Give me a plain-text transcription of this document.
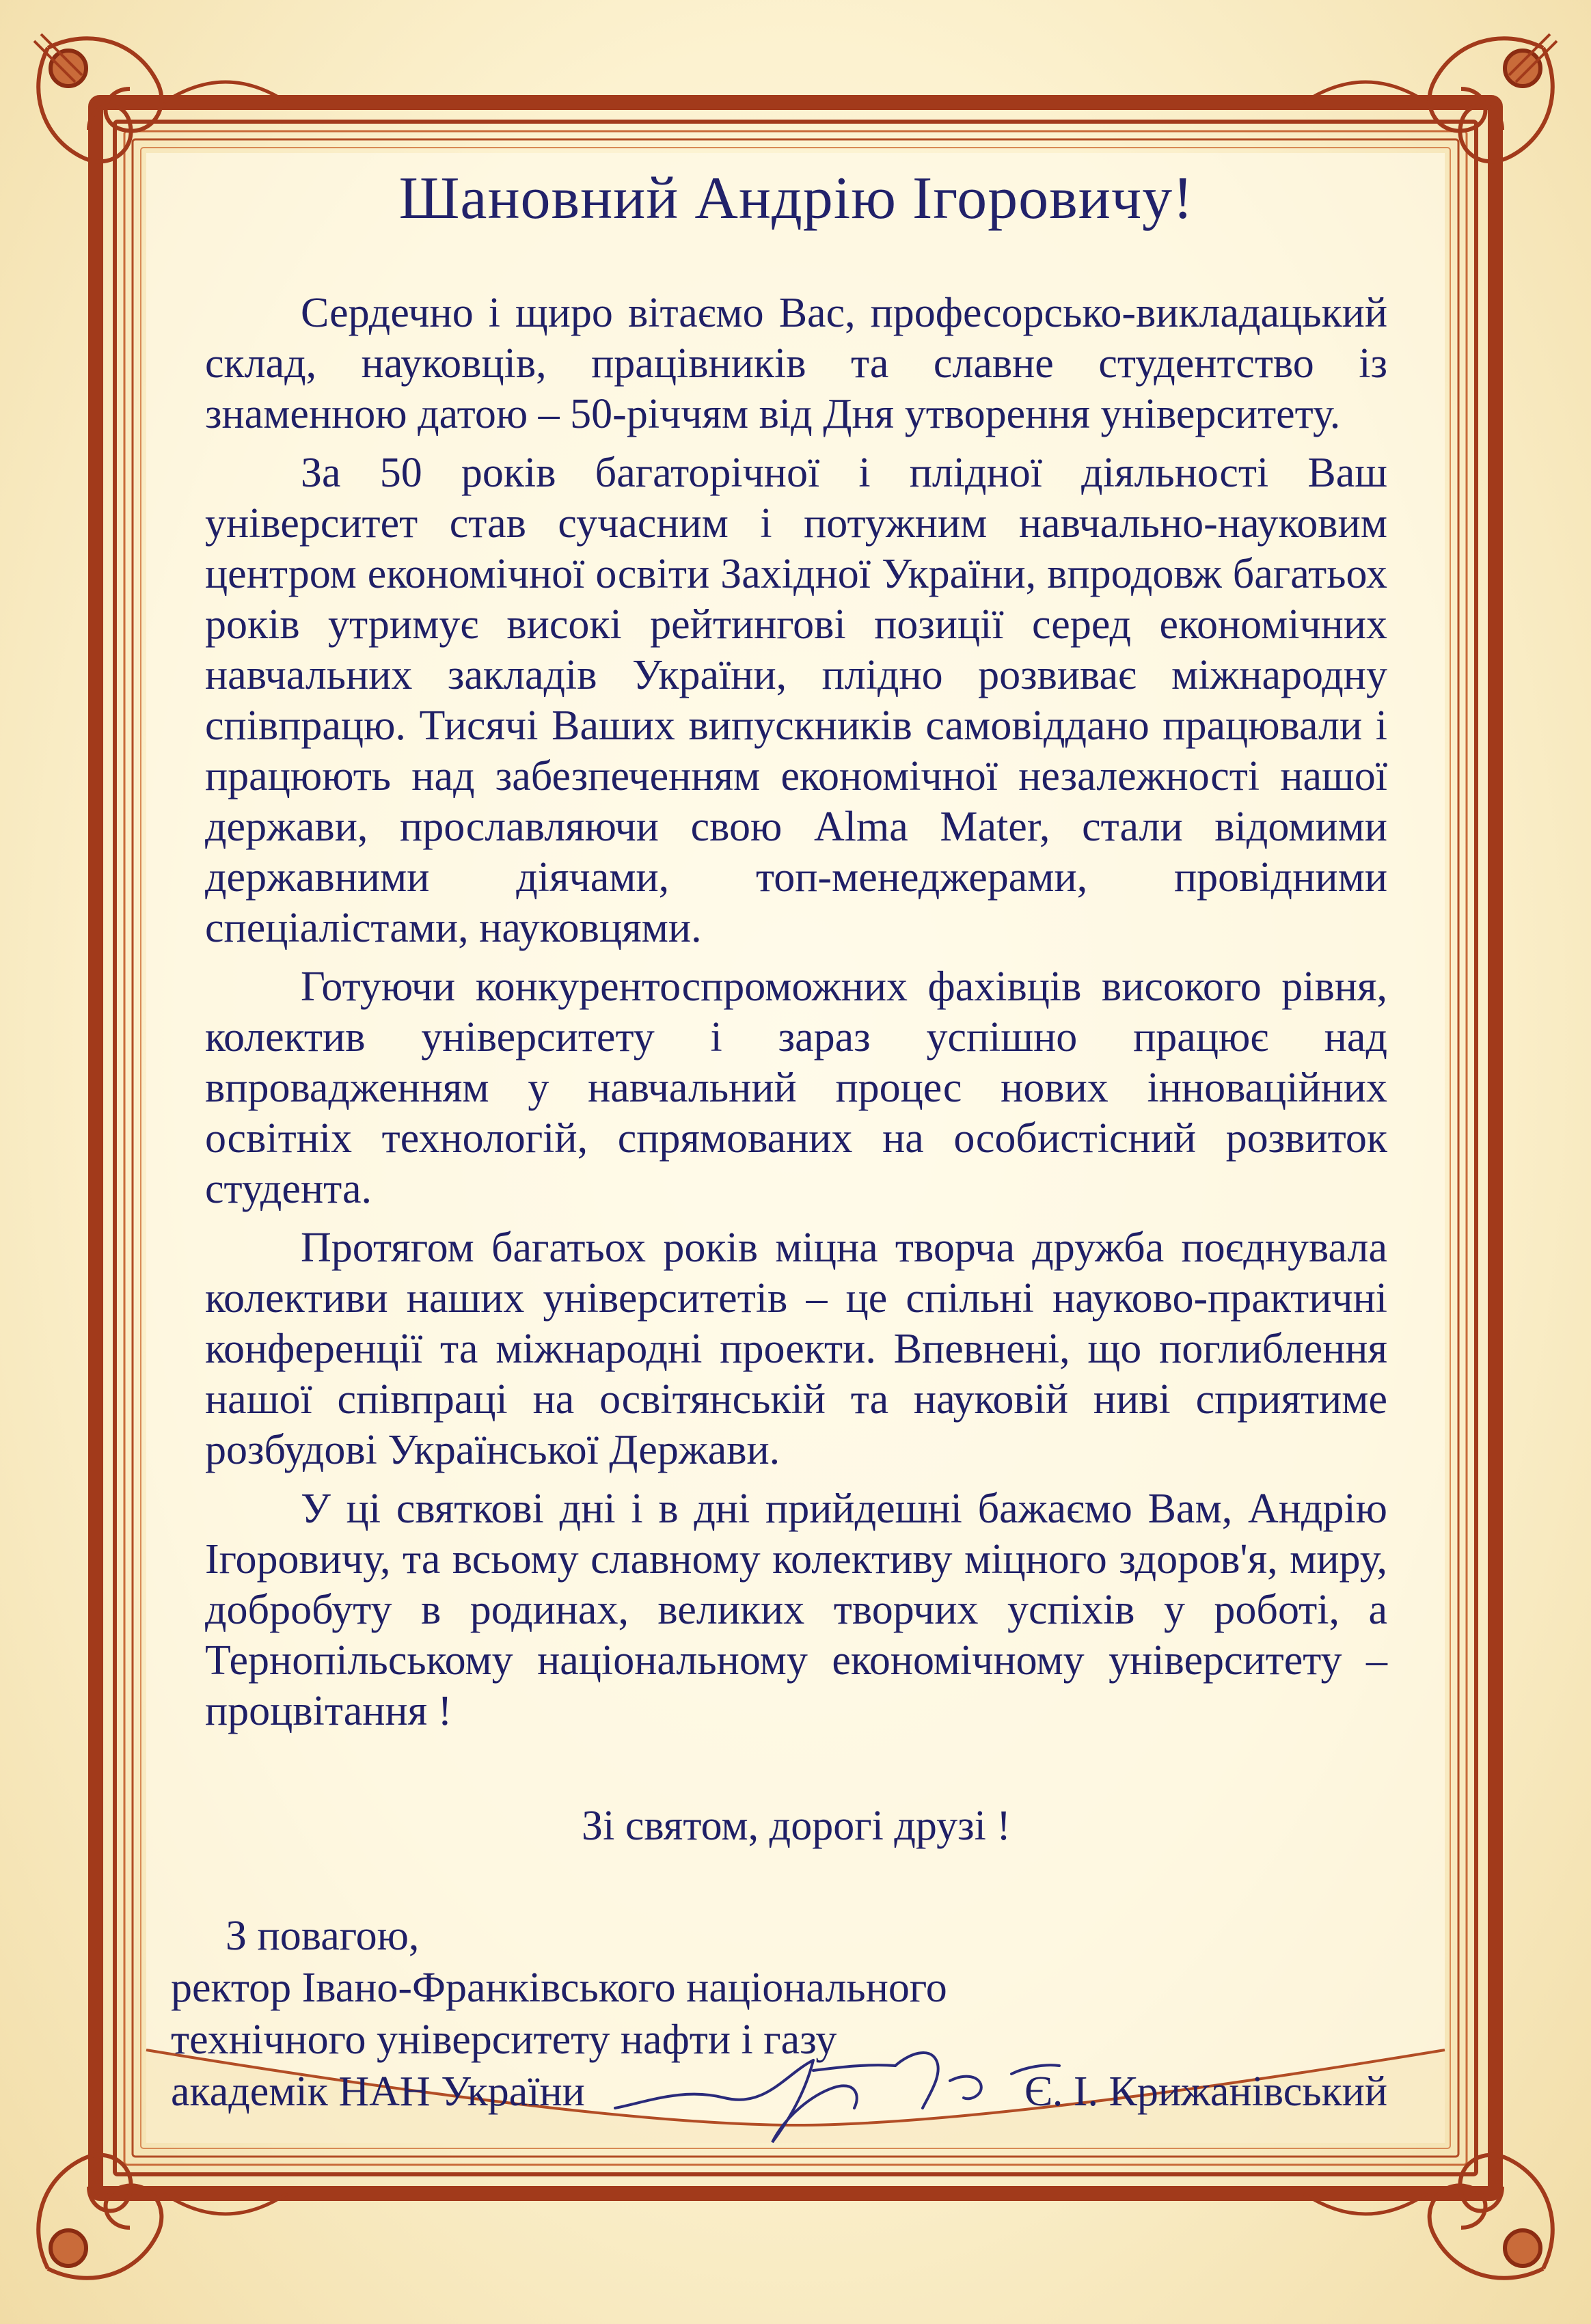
Шановний Андрію Ігоровичу!

Сердечно і щиро вітаємо Вас, професорсько-викладацький склад, науковців, працівників та славне студентство із знаменною датою – 50-річчям від Дня утворення університету.

За 50 років багаторічної і плідної діяльності Ваш університет став сучасним і потужним навчально-науковим центром економічної освіти Західної України, впродовж багатьох років утримує високі рейтингові позиції серед економічних навчальних закладів України, плідно розвиває міжнародну співпрацю. Тисячі Ваших випускників самовіддано працювали і працюють над забезпеченням економічної незалежності нашої держави, прославляючи свою Alma Mater, стали відомими державними діячами, топ-менеджерами, провідними спеціалістами, науковцями.

Готуючи конкурентоспроможних фахівців високого рівня, колектив університету і зараз успішно працює над впровадженням у навчальний процес нових інноваційних освітніх технологій, спрямованих на особистісний розвиток студента.

Протягом багатьох років міцна творча дружба поєднувала колективи наших університетів – це спільні науково-практичні конференції та міжнародні проекти. Впевнені, що поглиблення нашої співпраці на освітянській та науковій ниві сприятиме розбудові Української Держави.

У ці святкові дні і в дні прийдешні бажаємо Вам, Андрію Ігоровичу, та всьому славному колективу міцного здоров'я, миру, добробуту в родинах, великих творчих успіхів у роботі, а Тернопільському національному економічному університету – процвітання !

Зі святом, дорогі друзі !
З повагою,
ректор Івано-Франківського національного
технічного університету нафти і газу
академік НАН України	Є. І. Крижанівський
